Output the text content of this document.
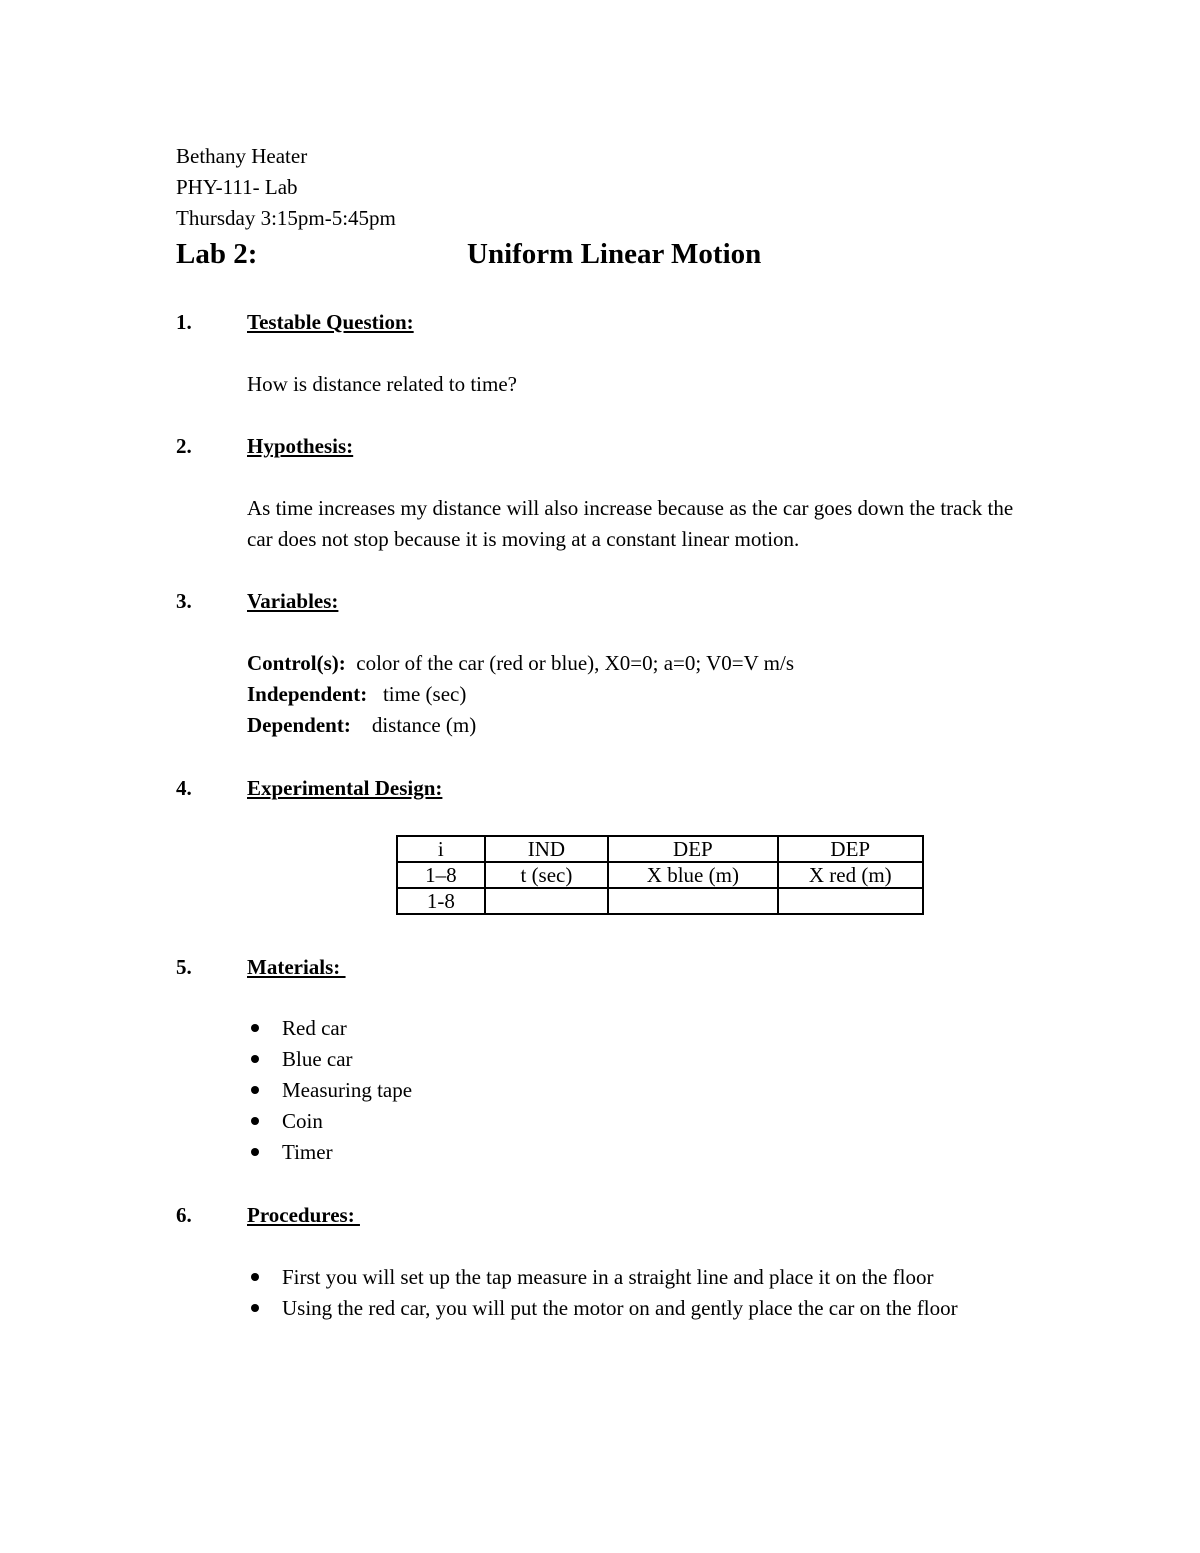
Bethany Heater
PHY-111- Lab
Thursday 3:15pm-5:45pm
Lab 2:	Uniform Linear Motion
1.	Testable Question:
How is distance related to time?
2.	Hypothesis:
As time increases my distance will also increase because as the car goes down the track the car does not stop because it is moving at a constant linear motion.
3.	Variables:
Control(s): color of the car (red or blue), X0=0; a=0; V0=V m/s
Independent: time (sec)
Dependent: distance (m)
4.	Experimental Design:
i	IND	DEP	DEP
1–8	t (sec)	X blue (m)	X red (m)
1-8			
5.	Materials:
Red car
Blue car
Measuring tape
Coin
Timer
6.	Procedures:
First you will set up the tap measure in a straight line and place it on the floor
Using the red car, you will put the motor on and gently place the car on the floor
